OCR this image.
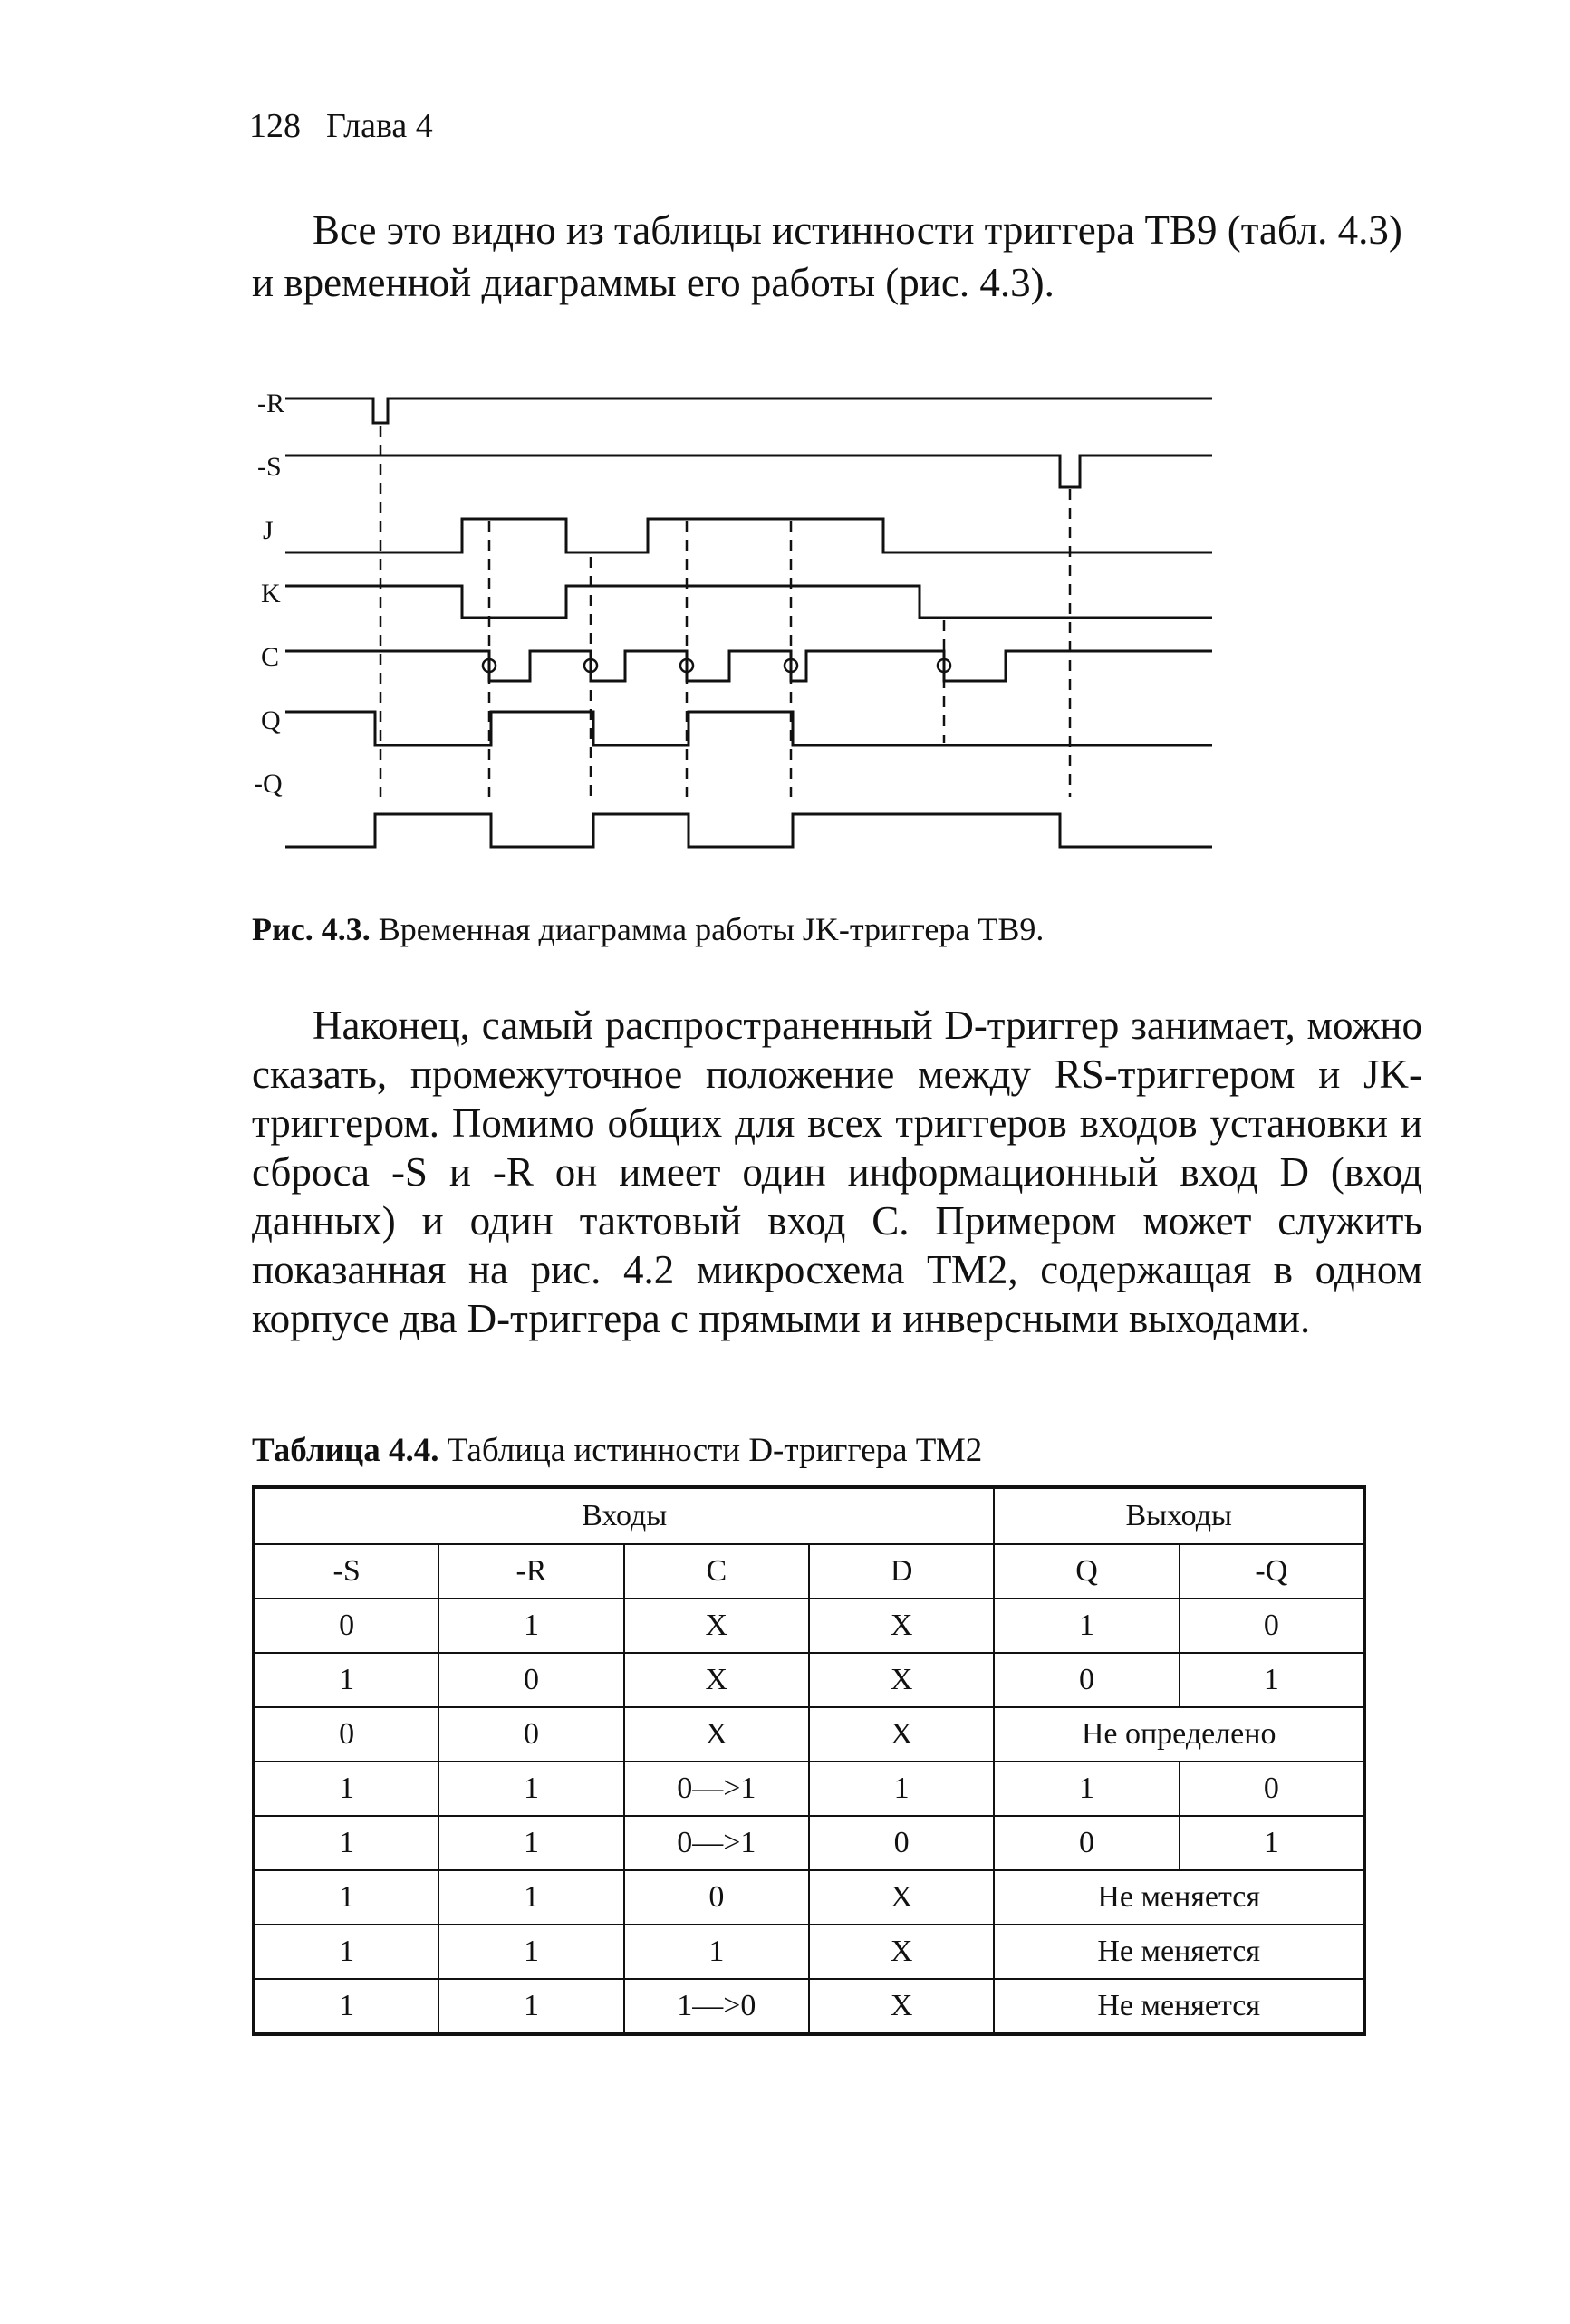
128 Глава 4
Все это видно из таблицы истинности триггера ТВ9 (табл. 4.3) и временной диаграммы его работы (рис. 4.3).
-R
-S
J
K
C
Q
-Q
Рис. 4.3. Временная диаграмма работы JK-триггера ТВ9.
Наконец, самый распространенный D-триггер занимает, можно сказать, промежуточное положение между RS-триггером и JK-триггером. Помимо общих для всех триггеров входов установки и сброса -S и -R он имеет один информационный вход D (вход данных) и один тактовый вход С. Примером может служить показанная на рис. 4.2 микросхема ТМ2, содержащая в одном корпусе два D-триггера с прямыми и инверсными выходами.
Таблица 4.4. Таблица истинности D-триггера ТМ2
Входы				Выходы	
-S	-R	С	D	Q	-Q
0	1	X	X	1	0
1	0	X	X	0	1
0	0	X	X	Не определено	
1	1	0—>1	1	1	0
1	1	0—>1	0	0	1
1	1	0	X	Не меняется	
1	1	1	X	Не меняется	
1	1	1—>0	X	Не меняется	
